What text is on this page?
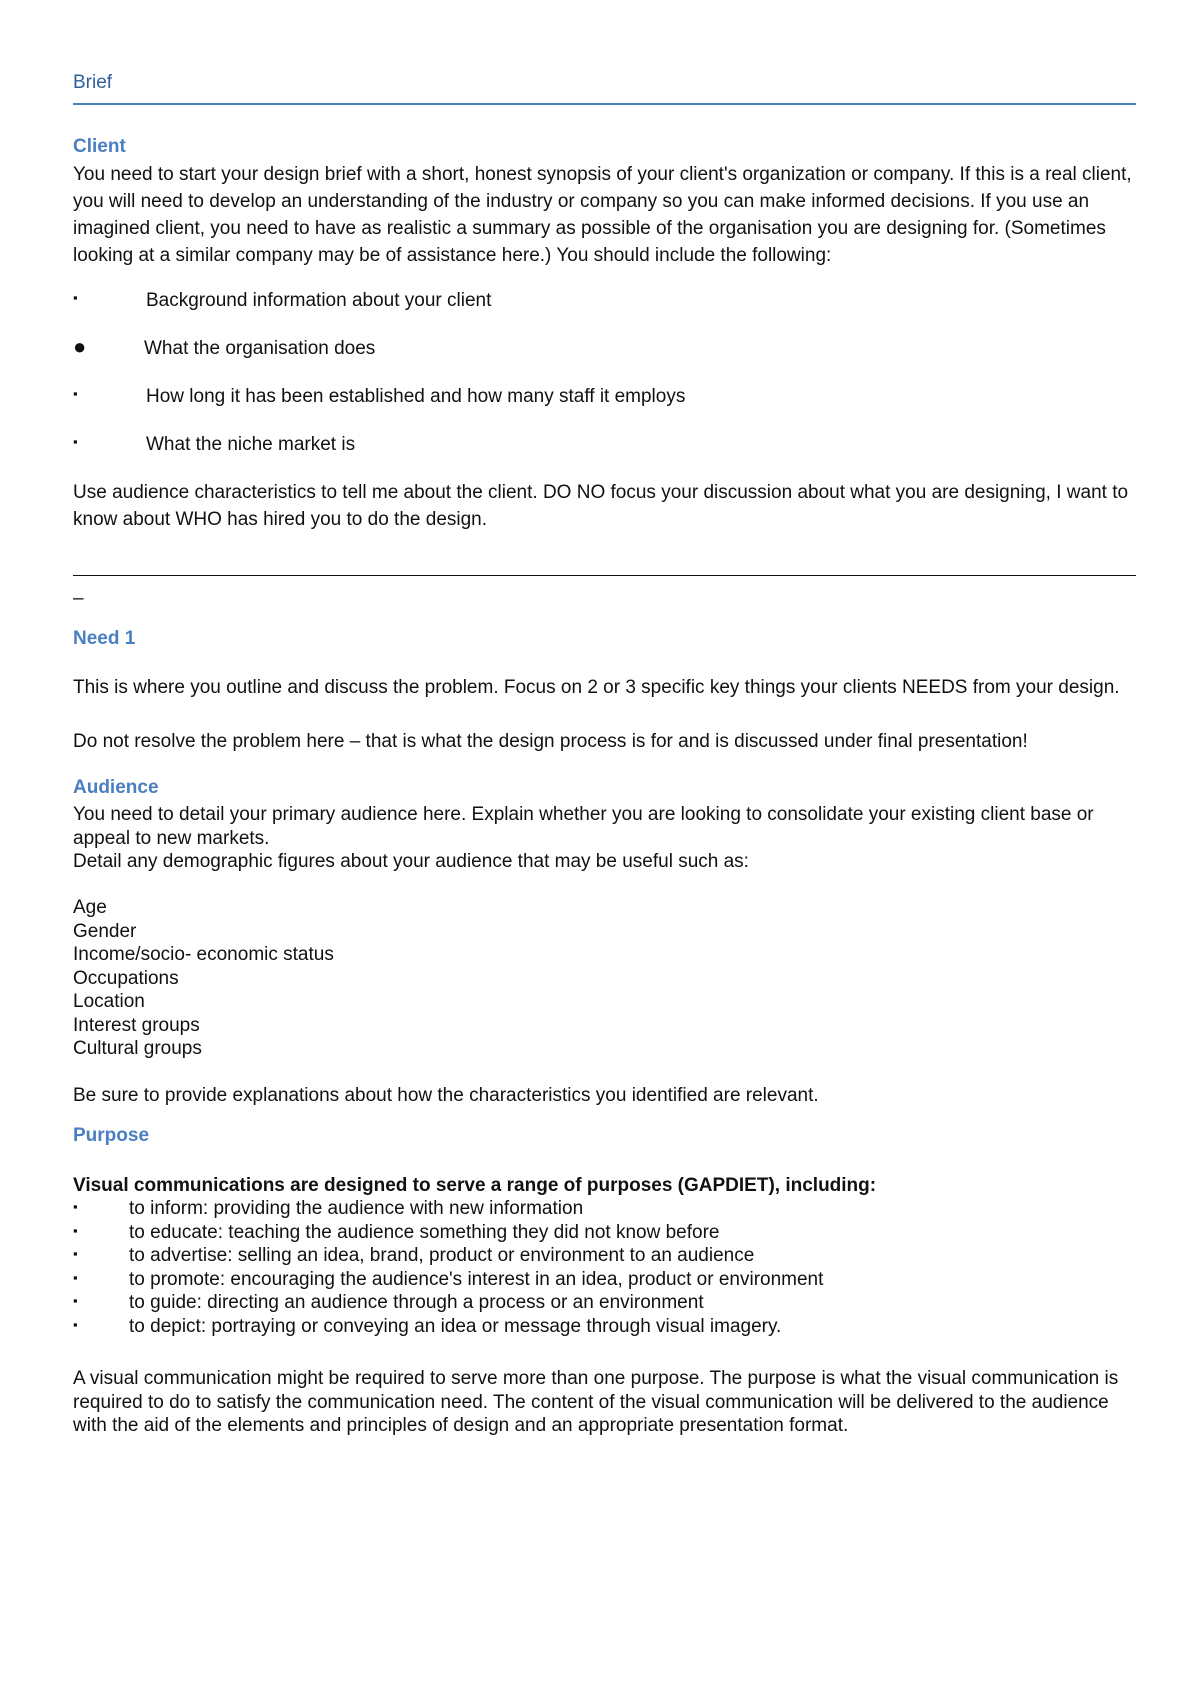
Brief
Client
You need to start your design brief with a short, honest synopsis of your client's organization or company. If this is a real client, you will need to develop an understanding of the industry or company so you can make informed decisions. If you use an imagined client, you need to have as realistic a summary as possible of the organisation you are designing for. (Sometimes looking at a similar company may be of assistance here.) You should include the following:
▪	Background information about your client
●	What the organisation does
▪	How long it has been established and how many staff it employs
▪	What the niche market is
Use audience characteristics to tell me about the client. DO NO focus your discussion about what you are designing, I want to know about WHO has hired you to do the design.
–
Need 1
This is where you outline and discuss the problem. Focus on 2 or 3 specific key things your clients NEEDS from your design.
Do not resolve the problem here – that is what the design process is for and is discussed under final presentation!
Audience
You need to detail your primary audience here. Explain whether you are looking to consolidate your existing client base or appeal to new markets.
Detail any demographic figures about your audience that may be useful such as:
Age
Gender
Income/socio- economic status
Occupations
Location
Interest groups
Cultural groups
Be sure to provide explanations about how the characteristics you identified are relevant.
Purpose
Visual communications are designed to serve a range of purposes (GAPDIET), including:
▪	to inform: providing the audience with new information
▪	to educate: teaching the audience something they did not know before
▪	to advertise: selling an idea, brand, product or environment to an audience
▪	to promote: encouraging the audience's interest in an idea, product or environment
▪	to guide: directing an audience through a process or an environment
▪	to depict: portraying or conveying an idea or message through visual imagery.
A visual communication might be required to serve more than one purpose. The purpose is what the visual communication is required to do to satisfy the communication need. The content of the visual communication will be delivered to the audience with the aid of the elements and principles of design and an appropriate presentation format.
